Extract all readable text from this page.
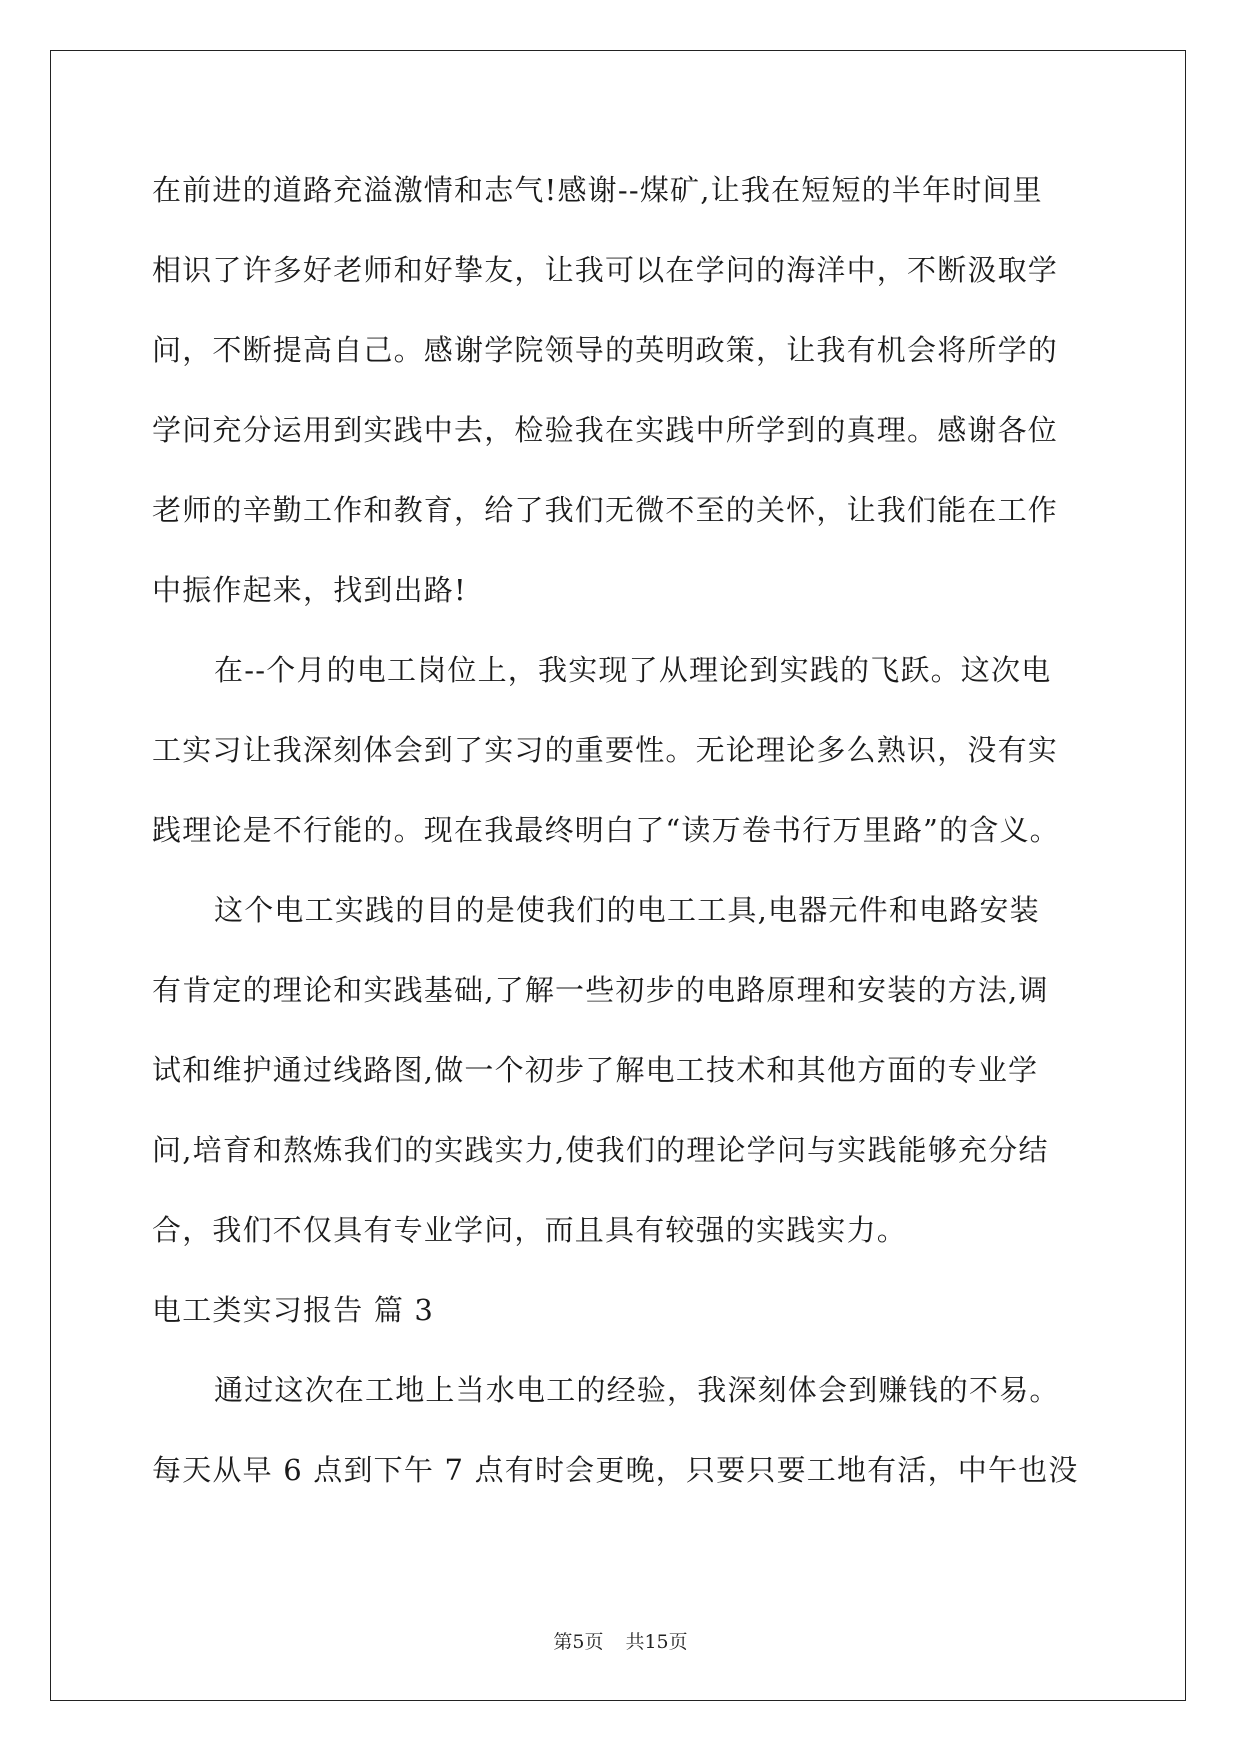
在前进的道路充溢激情和志气!感谢--煤矿,让我在短短的半年时间里
相识了许多好老师和好挚友，让我可以在学问的海洋中，不断汲取学
问，不断提高自己。感谢学院领导的英明政策，让我有机会将所学的
学问充分运用到实践中去，检验我在实践中所学到的真理。感谢各位
老师的辛勤工作和教育，给了我们无微不至的关怀，让我们能在工作
中振作起来，找到出路!
在--个月的电工岗位上，我实现了从理论到实践的飞跃。这次电
工实习让我深刻体会到了实习的重要性。无论理论多么熟识，没有实
践理论是不行能的。现在我最终明白了“读万卷书行万里路”的含义。
这个电工实践的目的是使我们的电工工具,电器元件和电路安装
有肯定的理论和实践基础,了解一些初步的电路原理和安装的方法,调
试和维护通过线路图,做一个初步了解电工技术和其他方面的专业学
问,培育和熬炼我们的实践实力,使我们的理论学问与实践能够充分结
合，我们不仅具有专业学问，而且具有较强的实践实力。
电工类实习报告 篇 3
通过这次在工地上当水电工的经验，我深刻体会到赚钱的不易。
每天从早 6 点到下午 7 点有时会更晚，只要只要工地有活，中午也没
第5页 共15页
